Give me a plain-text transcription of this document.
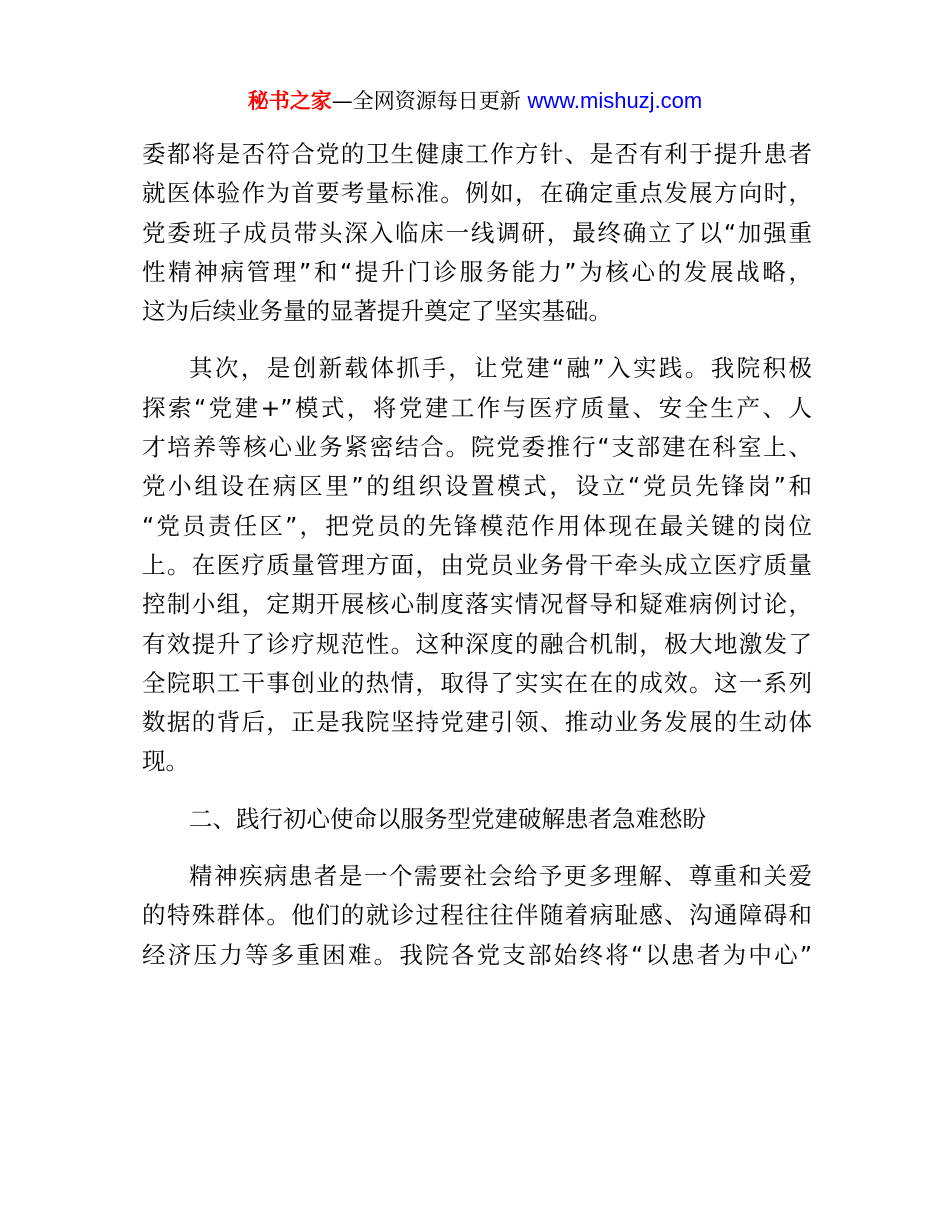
秘书之家—全网资源每日更新 www.mishuzj.com
委都将是否符合党的卫生健康工作方针、是否有利于提升患者
就医体验作为首要考量标准。例如，在确定重点发展方向时，
党委班子成员带头深入临床一线调研，最终确立了以“加强重
性精神病管理”和“提升门诊服务能力”为核心的发展战略，
这为后续业务量的显著提升奠定了坚实基础。
其次，是创新载体抓手，让党建“融”入实践。我院积极
探索“党建+”模式，将党建工作与医疗质量、安全生产、人
才培养等核心业务紧密结合。院党委推行“支部建在科室上、
党小组设在病区里”的组织设置模式，设立“党员先锋岗”和
“党员责任区”，把党员的先锋模范作用体现在最关键的岗位
上。在医疗质量管理方面，由党员业务骨干牵头成立医疗质量
控制小组，定期开展核心制度落实情况督导和疑难病例讨论，
有效提升了诊疗规范性。这种深度的融合机制，极大地激发了
全院职工干事创业的热情，取得了实实在在的成效。这一系列
数据的背后，正是我院坚持党建引领、推动业务发展的生动体
现。
二、践行初心使命以服务型党建破解患者急难愁盼
精神疾病患者是一个需要社会给予更多理解、尊重和关爱
的特殊群体。他们的就诊过程往往伴随着病耻感、沟通障碍和
经济压力等多重困难。我院各党支部始终将“以患者为中心”
